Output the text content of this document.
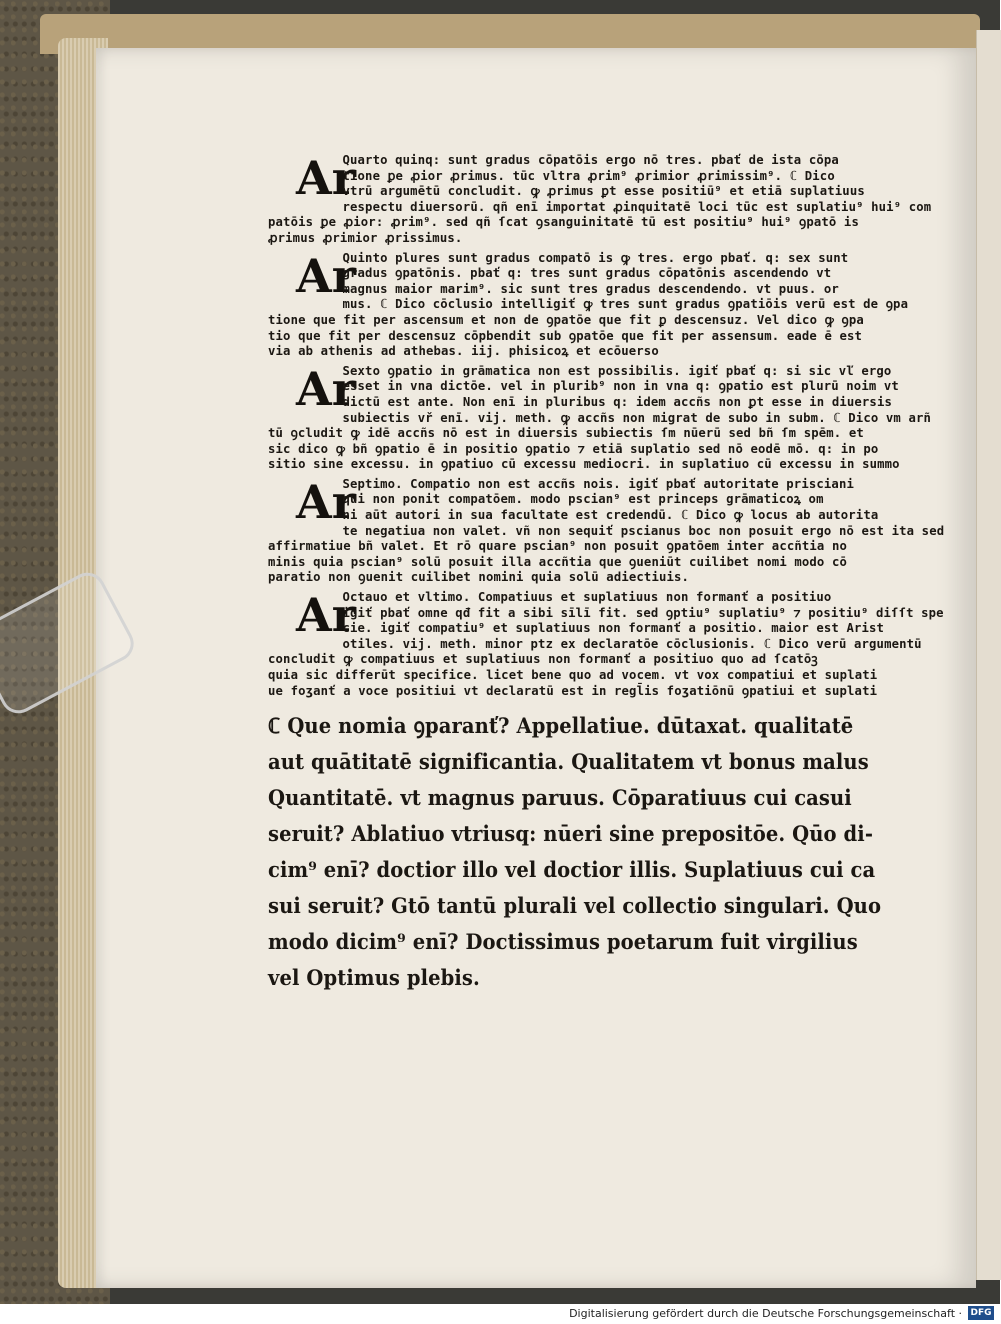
Ar
Quarto quinq: sunt gradus cōpatōis ergo nō tres. pbať de ista cōpa
tione ꝑe ꝓior ꝓrimus. tūc vltra ꝓrim⁹ ꝓrimior ꝓrimissim⁹. ℂ Dico
vtrū argumētū concludit. ꝙ ꝓrimus ꝑt esse positiū⁹ et etiā suplatiuus
respectu diuersorū. qñ enī importat ꝓinquitatē loci tūc est suplatiu⁹ hui⁹ com
patōis ꝑe ꝓior: ꝓrim⁹. sed qñ ſcat ꝯsanguinitatē tū est positiu⁹ hui⁹ ꝯpatō is
ꝓrimus ꝓrimior ꝓrissimus.
Ar
Quinto plures sunt gradus compatō is ꝙ tres. ergo pbať. q: sex sunt
gradus ꝯpatōnis. pbať q: tres sunt gradus cōpatōnis ascendendo vt
magnus maior marim⁹. sic sunt tres gradus descendendo. vt puus. or
mus. ℂ Dico cōclusio intelligiť ꝙ tres sunt gradus ꝯpatiōis verū est de ꝯpa
tione que fit per ascensum et non de ꝯpatōe que fit ꝑ descensuz. Vel dico ꝙ ꝯpa
tio que fit per descensuz cōpbendit sub ꝯpatōe que fit per assensum. eade ē est
via ab athenis ad athebas. iij. phisicoꝝ et ecōuerso
Ar
Sexto ꝯpatio in grāmatica non est possibilis. igiť pbať q: si sic vľ ergo
esset in vna dictōe. vel in plurib⁹ non in vna q: ꝯpatio est plurū noim vt
dictū est ante. Non enī in pluribus q: idem accñs non ꝑt esse in diuersis
subiectis vř enī. vij. meth. ꝙ accñs non migrat de subo in subm. ℂ Dico vm arñ
tū ꝯcludit ꝙ idē accñs nō est in diuersis subiectis ſm nūerū sed bñ ſm spēm. et
sic dico ꝙ bñ ꝯpatio ē in positio ꝯpatio ⁊ etiā suplatio sed nō eodē mō. q: in po
sitio sine excessu. in ꝯpatiuo cū excessu mediocri. in suplatiuo cū excessu in summo
Ar
Septimo. Compatio non est accñs nois. igiť pbať autoritate prisciani
qui non ponit compatōem. modo pscian⁹ est princeps grāmaticoꝝ om
ni aūt autori in sua facultate est credendū. ℂ Dico ꝙ locus ab autorita
te negatiua non valet. vñ non sequiť pscianus boc non posuit ergo nō est ita sed
affirmatiue bñ valet. Et rō quare pscian⁹ non posuit ꝯpatōem inter accñtia no
minis quia pscian⁹ solū posuit illa accñtia que ꝯueniūt cuilibet nomi modo cō
paratio non ꝯuenit cuilibet nomini quia solū adiectiuis.
Ar
Octauo et vltimo. Compatiuus et suplatiuus non formanť a positiuo
igiť pbať omne qđ fit a sibi sīlī fit. sed ꝯptiu⁹ suplatiu⁹ ⁊ positiu⁹ diſſt spe
cie. igiť compatiu⁹ et suplatiuus non formanť a positio. maior est Arist
otiles. vij. meth. minor ptz ex declaratōe cōclusionis. ℂ Dico verū argumentū
concludit ꝙ compatiuus et suplatiuus non formanť a positiuo quo ad ſcatōꝫ
quia sic differūt specifice. licet bene quo ad vocem. vt vox compatiui et suplati
ue foʒanť a voce positiui vt declaratū est in regl̄is foʒatiōnū ꝯpatiui et suplati
ℂ Que nomia ꝯparanť? Appellatiue. dūtaxat. qualitatē
aut quātitatē significantia. Qualitatem vt bonus malus
Quantitatē. vt magnus paruus. Cōparatiuus cui casui
seruit? Ablatiuo vtriusq: nūeri sine prepositōe. Qūo di-
cim⁹ enī? doctior illo vel doctior illis. Suplatiuus cui ca
sui seruit? Gtō tantū plurali vel collectio singulari. Quo
modo dicim⁹ enī? Doctissimus poetarum fuit virgilius
vel Optimus plebis.
Digitalisierung gefördert durch die Deutsche Forschungsgemeinschaft · DFG
